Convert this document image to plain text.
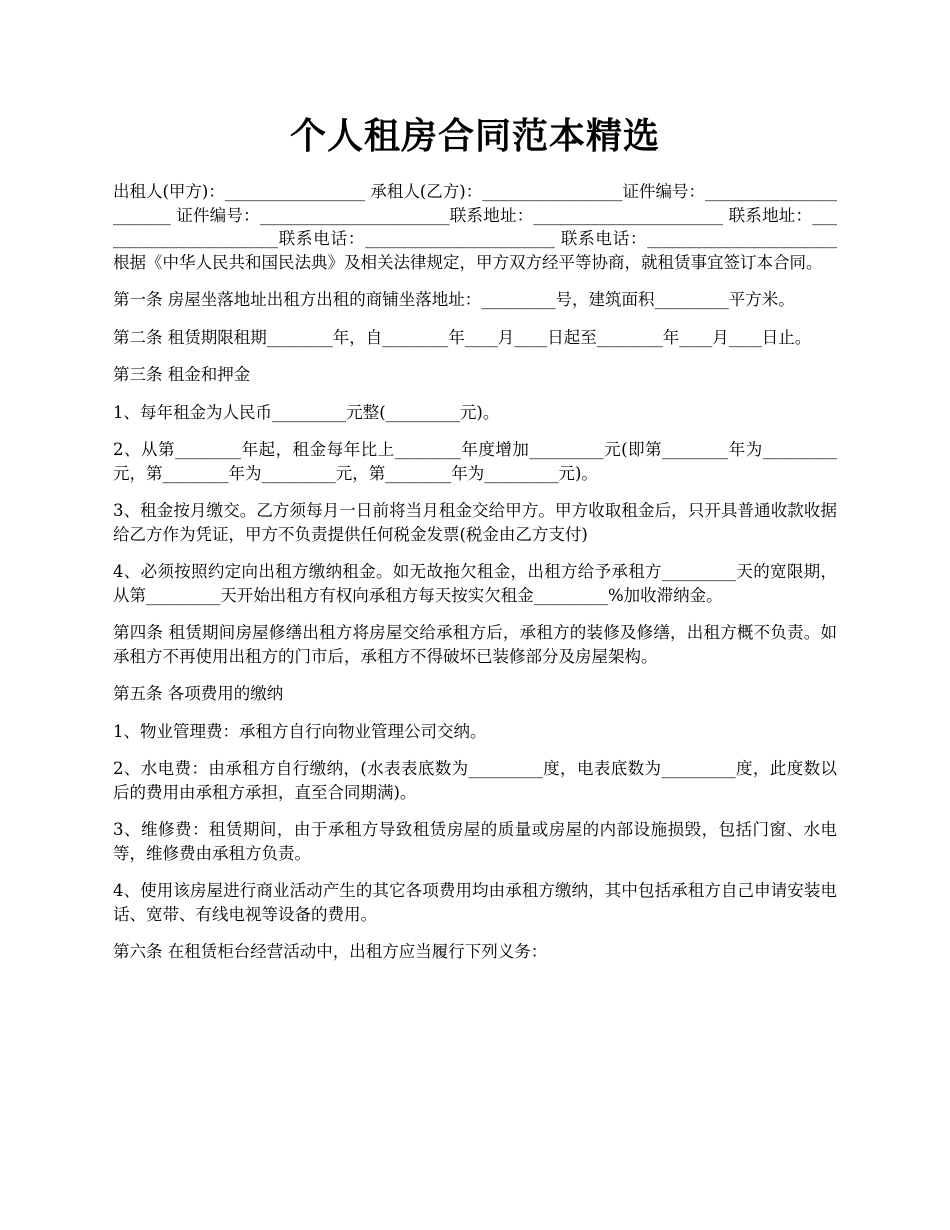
个人租房合同范本精选

出租人(甲方)：_________________ 承租人(乙方)：_________________证件编号：_______________________ 证件编号：_______________________联系地址：_______________________ 联系地址：_______________________联系电话：_______________________ 联系电话：_______________________根据《中华人民共和国民法典》及相关法律规定，甲方双方经平等协商，就租赁事宜签订本合同。

第一条 房屋坐落地址出租方出租的商铺坐落地址：_________号，建筑面积_________平方米。

第二条 租赁期限租期________年，自________年____月____日起至________年____月____日止。

第三条 租金和押金

1、每年租金为人民币_________元整(_________元)。

2、从第________年起，租金每年比上________年度增加_________元(即第________年为_________元，第________年为_________元，第________年为_________元)。

3、租金按月缴交。乙方须每月一日前将当月租金交给甲方。甲方收取租金后，只开具普通收款收据给乙方作为凭证，甲方不负责提供任何税金发票(税金由乙方支付)

4、必须按照约定向出租方缴纳租金。如无故拖欠租金，出租方给予承租方_________天的宽限期，从第_________天开始出租方有权向承租方每天按实欠租金_________%加收滞纳金。

第四条 租赁期间房屋修缮出租方将房屋交给承租方后，承租方的装修及修缮，出租方概不负责。如承租方不再使用出租方的门市后，承租方不得破坏已装修部分及房屋架构。

第五条 各项费用的缴纳

1、物业管理费：承租方自行向物业管理公司交纳。

2、水电费：由承租方自行缴纳，(水表表底数为_________度，电表底数为_________度，此度数以后的费用由承租方承担，直至合同期满)。

3、维修费：租赁期间，由于承租方导致租赁房屋的质量或房屋的内部设施损毁，包括门窗、水电等，维修费由承租方负责。

4、使用该房屋进行商业活动产生的其它各项费用均由承租方缴纳，其中包括承租方自己申请安装电话、宽带、有线电视等设备的费用。

第六条 在租赁柜台经营活动中，出租方应当履行下列义务：
